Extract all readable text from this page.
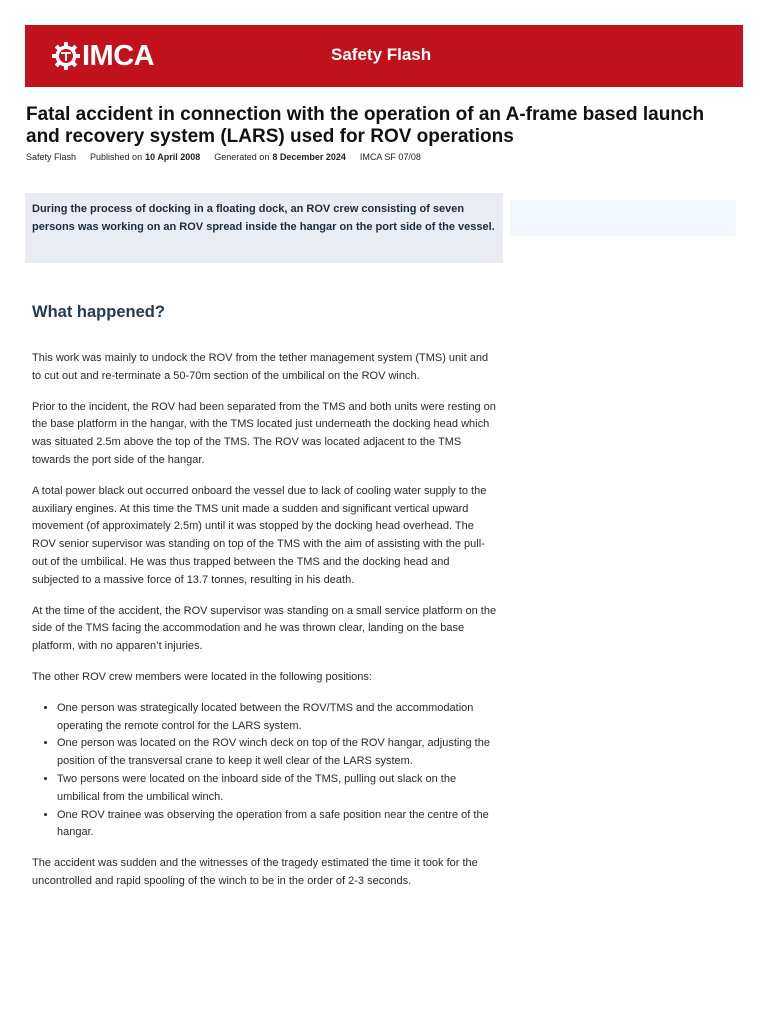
IMCA	Safety Flash
Fatal accident in connection with the operation of an A-frame based launch and recovery system (LARS) used for ROV operations
Safety Flash Published on 10 April 2008 Generated on 8 December 2024 IMCA SF 07/08

During the process of docking in a floating dock, an ROV crew consisting of seven persons was working on an ROV spread inside the hangar on the port side of the vessel.

What happened?

This work was mainly to undock the ROV from the tether management system (TMS) unit and to cut out and re-terminate a 50-70m section of the umbilical on the ROV winch.

Prior to the incident, the ROV had been separated from the TMS and both units were resting on the base platform in the hangar, with the TMS located just underneath the docking head which was situated 2.5m above the top of the TMS. The ROV was located adjacent to the TMS towards the port side of the hangar.

A total power black out occurred onboard the vessel due to lack of cooling water supply to the auxiliary engines. At this time the TMS unit made a sudden and significant vertical upward movement (of approximately 2.5m) until it was stopped by the docking head overhead. The ROV senior supervisor was standing on top of the TMS with the aim of assisting with the pull-out of the umbilical. He was thus trapped between the TMS and the docking head and subjected to a massive force of 13.7 tonnes, resulting in his death.

At the time of the accident, the ROV supervisor was standing on a small service platform on the side of the TMS facing the accommodation and he was thrown clear, landing on the base platform, with no apparen’t injuries.

The other ROV crew members were located in the following positions:

• One person was strategically located between the ROV/TMS and the accommodation operating the remote control for the LARS system.
• One person was located on the ROV winch deck on top of the ROV hangar, adjusting the position of the transversal crane to keep it well clear of the LARS system.
• Two persons were located on the inboard side of the TMS, pulling out slack on the umbilical from the umbilical winch.
• One ROV trainee was observing the operation from a safe position near the centre of the hangar.

The accident was sudden and the witnesses of the tragedy estimated the time it took for the uncontrolled and rapid spooling of the winch to be in the order of 2-3 seconds.
